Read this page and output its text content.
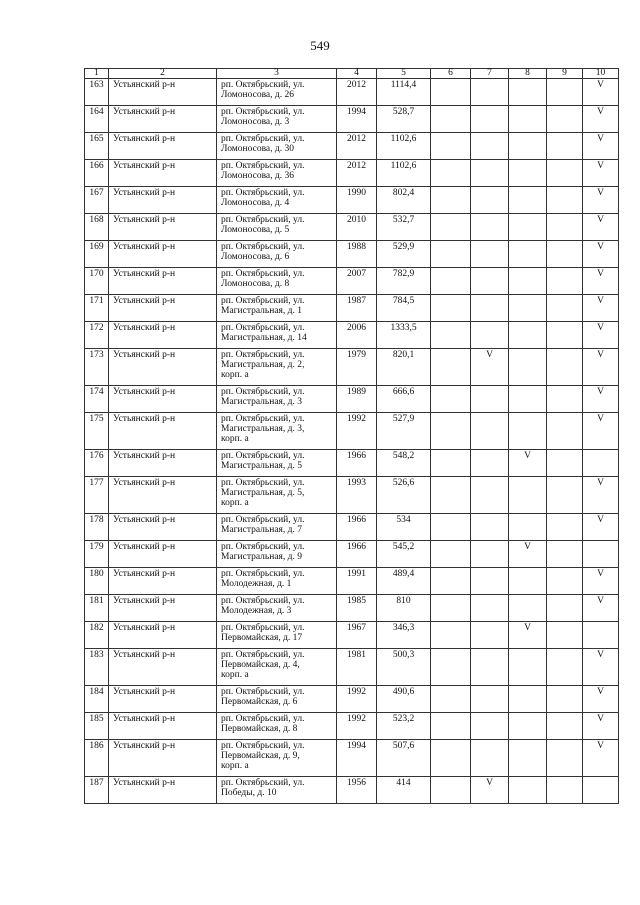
549
1	2	3	4	5	6	7	8	9	10
163	Устьянский р-н	рп. Октябрьский, ул.
Ломоносова, д. 26	2012	1114,4					V
164	Устьянский р-н	рп. Октябрьский, ул.
Ломоносова, д. 3	1994	528,7					V
165	Устьянский р-н	рп. Октябрьский, ул.
Ломоносова, д. 30	2012	1102,6					V
166	Устьянский р-н	рп. Октябрьский, ул.
Ломоносова, д. 36	2012	1102,6					V
167	Устьянский р-н	рп. Октябрьский, ул.
Ломоносова, д. 4	1990	802,4					V
168	Устьянский р-н	рп. Октябрьский, ул.
Ломоносова, д. 5	2010	532,7					V
169	Устьянский р-н	рп. Октябрьский, ул.
Ломоносова, д. 6	1988	529,9					V
170	Устьянский р-н	рп. Октябрьский, ул.
Ломоносова, д. 8	2007	782,9					V
171	Устьянский р-н	рп. Октябрьский, ул.
Магистральная, д. 1	1987	784,5					V
172	Устьянский р-н	рп. Октябрьский, ул.
Магистральная, д. 14	2006	1333,5					V
173	Устьянский р-н	рп. Октябрьский, ул.
Магистральная, д. 2,
корп. а	1979	820,1		V			V
174	Устьянский р-н	рп. Октябрьский, ул.
Магистральная, д. 3	1989	666,6					V
175	Устьянский р-н	рп. Октябрьский, ул.
Магистральная, д. 3,
корп. а	1992	527,9					V
176	Устьянский р-н	рп. Октябрьский, ул.
Магистральная, д. 5	1966	548,2			V		
177	Устьянский р-н	рп. Октябрьский, ул.
Магистральная, д. 5,
корп. а	1993	526,6					V
178	Устьянский р-н	рп. Октябрьский, ул.
Магистральная, д. 7	1966	534					V
179	Устьянский р-н	рп. Октябрьский, ул.
Магистральная, д. 9	1966	545,2			V		
180	Устьянский р-н	рп. Октябрьский, ул.
Молодежная, д. 1	1991	489,4					V
181	Устьянский р-н	рп. Октябрьский, ул.
Молодежная, д. 3	1985	810					V
182	Устьянский р-н	рп. Октябрьский, ул.
Первомайская, д. 17	1967	346,3			V		
183	Устьянский р-н	рп. Октябрьский, ул.
Первомайская, д. 4,
корп. а	1981	500,3					V
184	Устьянский р-н	рп. Октябрьский, ул.
Первомайская, д. 6	1992	490,6					V
185	Устьянский р-н	рп. Октябрьский, ул.
Первомайская, д. 8	1992	523,2					V
186	Устьянский р-н	рп. Октябрьский, ул.
Первомайская, д. 9,
корп. а	1994	507,6					V
187	Устьянский р-н	рп. Октябрьский, ул.
Победы, д. 10	1956	414		V			
